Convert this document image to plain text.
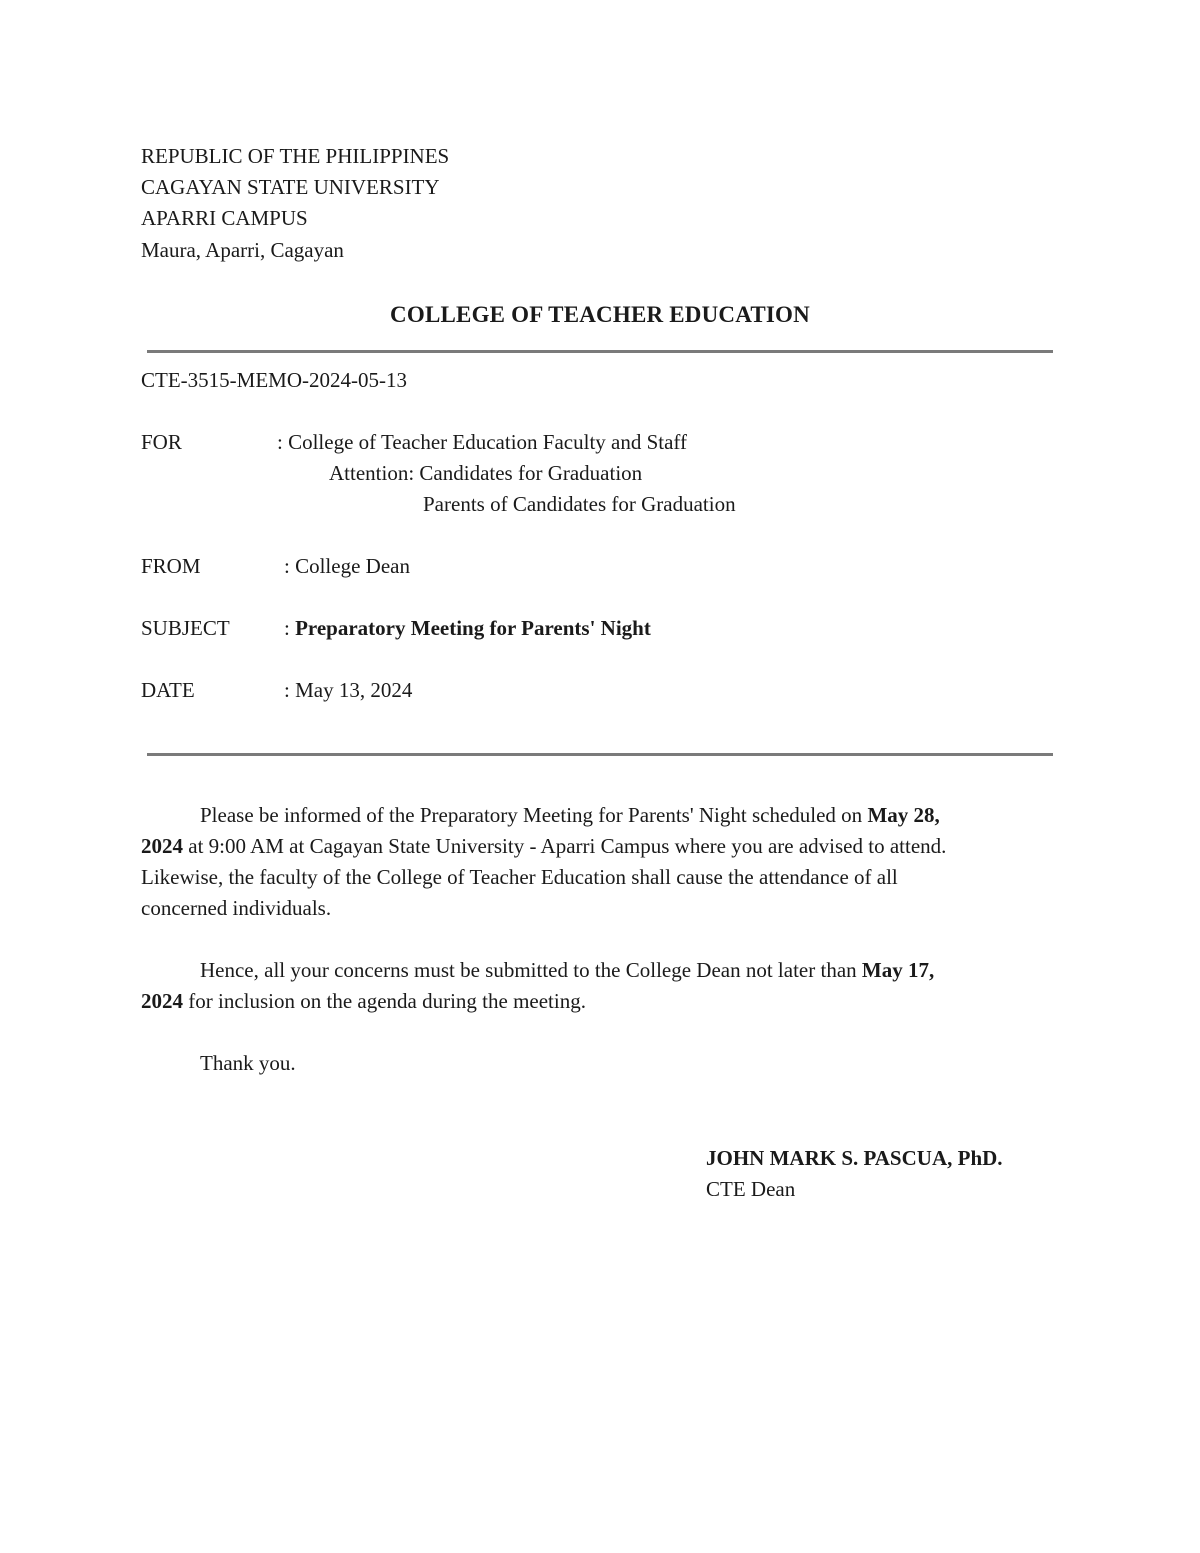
REPUBLIC OF THE PHILIPPINES
CAGAYAN STATE UNIVERSITY
APARRI CAMPUS
Maura, Aparri, Cagayan
COLLEGE OF TEACHER EDUCATION
CTE-3515-MEMO-2024-05-13
FOR	: College of Teacher Education Faculty and Staff
Attention: Candidates for Graduation
Parents of Candidates for Graduation
FROM	: College Dean
SUBJECT	: Preparatory Meeting for Parents' Night
DATE	: May 13, 2024
Please be informed of the Preparatory Meeting for Parents' Night scheduled on May 28,
2024 at 9:00 AM at Cagayan State University - Aparri Campus where you are advised to attend.
Likewise, the faculty of the College of Teacher Education shall cause the attendance of all
concerned individuals.
Hence, all your concerns must be submitted to the College Dean not later than May 17,
2024 for inclusion on the agenda during the meeting.
Thank you.
JOHN MARK S. PASCUA, PhD.
CTE Dean
